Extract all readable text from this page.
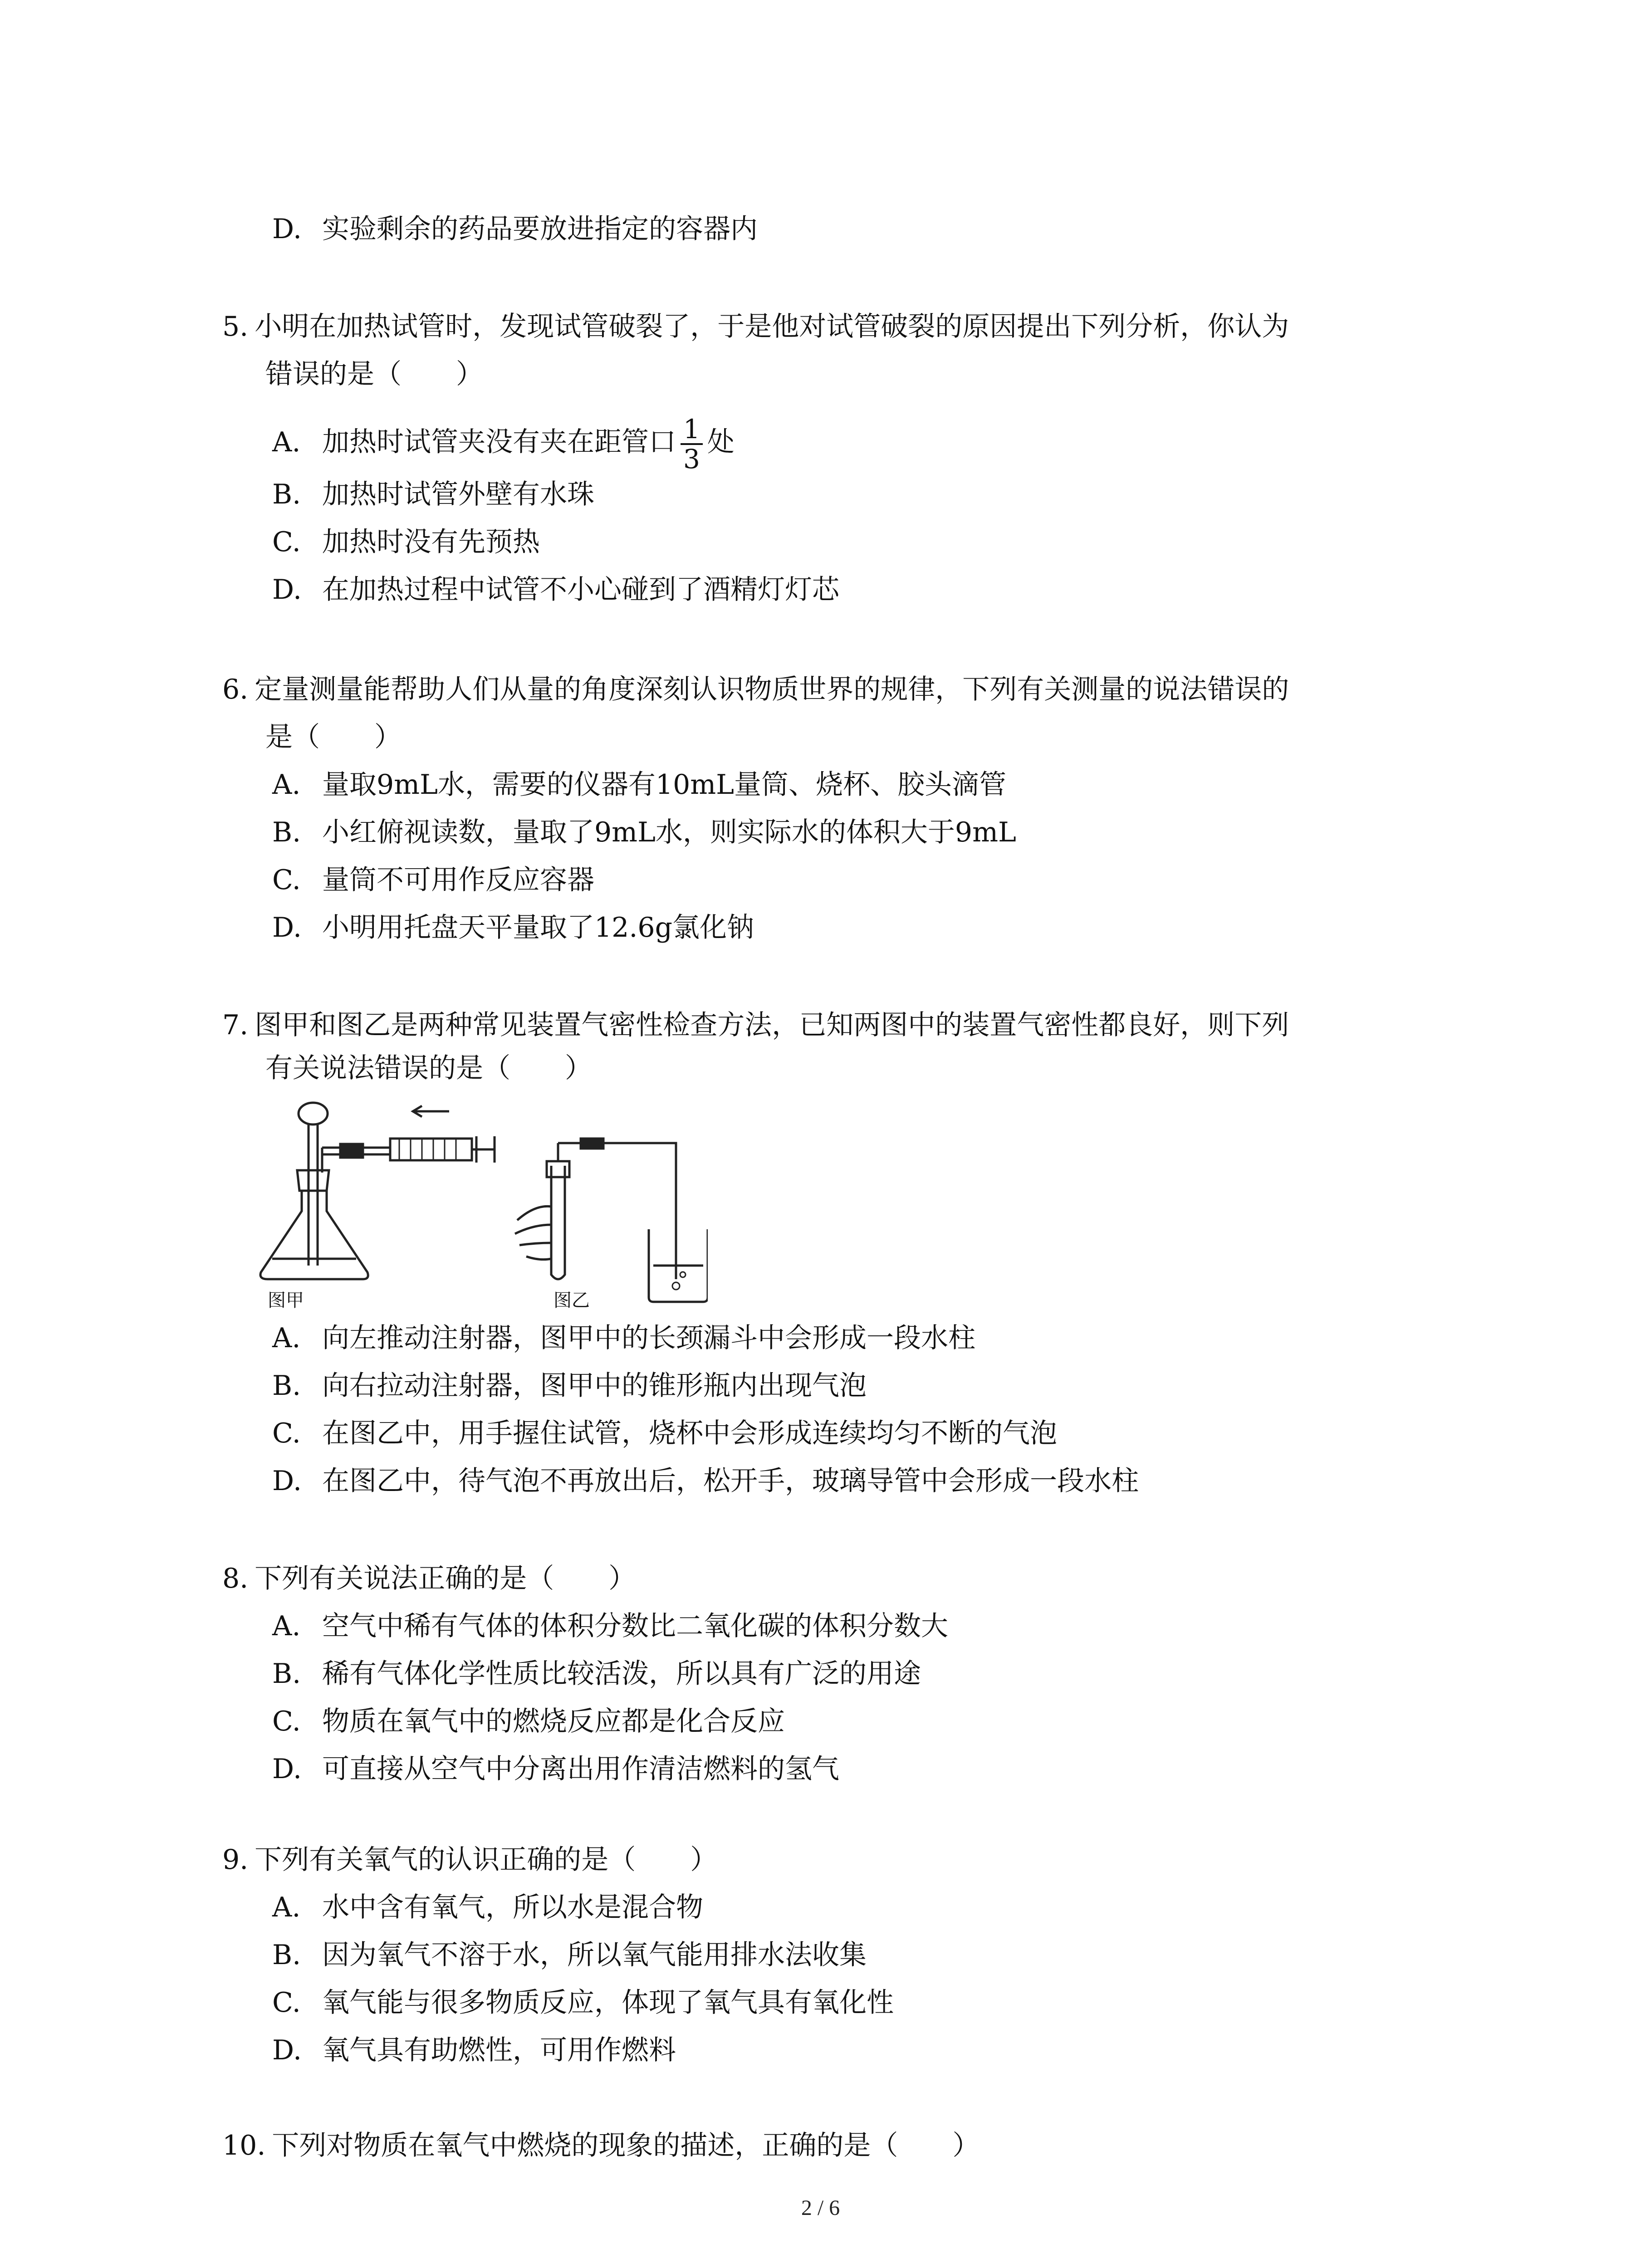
D. 实验剩余的药品要放进指定的容器内
5. 小明在加热试管时，发现试管破裂了，于是他对试管破裂的原因提出下列分析，你认为
错误的是（　　）
A. 加热时试管夹没有夹在距管口 $\frac{1}{3}$ 处
B. 加热时试管外壁有水珠
C. 加热时没有先预热
D. 在加热过程中试管不小心碰到了酒精灯灯芯
6. 定量测量能帮助人们从量的角度深刻认识物质世界的规律，下列有关测量的说法错误的
是（　　）
A. 量取9mL水，需要的仪器有10mL量筒、烧杯、胶头滴管
B. 小红俯视读数，量取了9mL水，则实际水的体积大于9mL
C. 量筒不可用作反应容器
D. 小明用托盘天平量取了12.6g氯化钠
7. 图甲和图乙是两种常见装置气密性检查方法，已知两图中的装置气密性都良好，则下列
有关说法错误的是（　　）
图甲	图乙
A. 向左推动注射器，图甲中的长颈漏斗中会形成一段水柱
B. 向右拉动注射器，图甲中的锥形瓶内出现气泡
C. 在图乙中，用手握住试管，烧杯中会形成连续均匀不断的气泡
D. 在图乙中，待气泡不再放出后，松开手，玻璃导管中会形成一段水柱
8. 下列有关说法正确的是（　　）
A. 空气中稀有气体的体积分数比二氧化碳的体积分数大
B. 稀有气体化学性质比较活泼，所以具有广泛的用途
C. 物质在氧气中的燃烧反应都是化合反应
D. 可直接从空气中分离出用作清洁燃料的氢气
9. 下列有关氧气的认识正确的是（　　）
A. 水中含有氧气，所以水是混合物
B. 因为氧气不溶于水，所以氧气能用排水法收集
C. 氧气能与很多物质反应，体现了氧气具有氧化性
D. 氧气具有助燃性，可用作燃料
10. 下列对物质在氧气中燃烧的现象的描述，正确的是（　　）
2 / 6
